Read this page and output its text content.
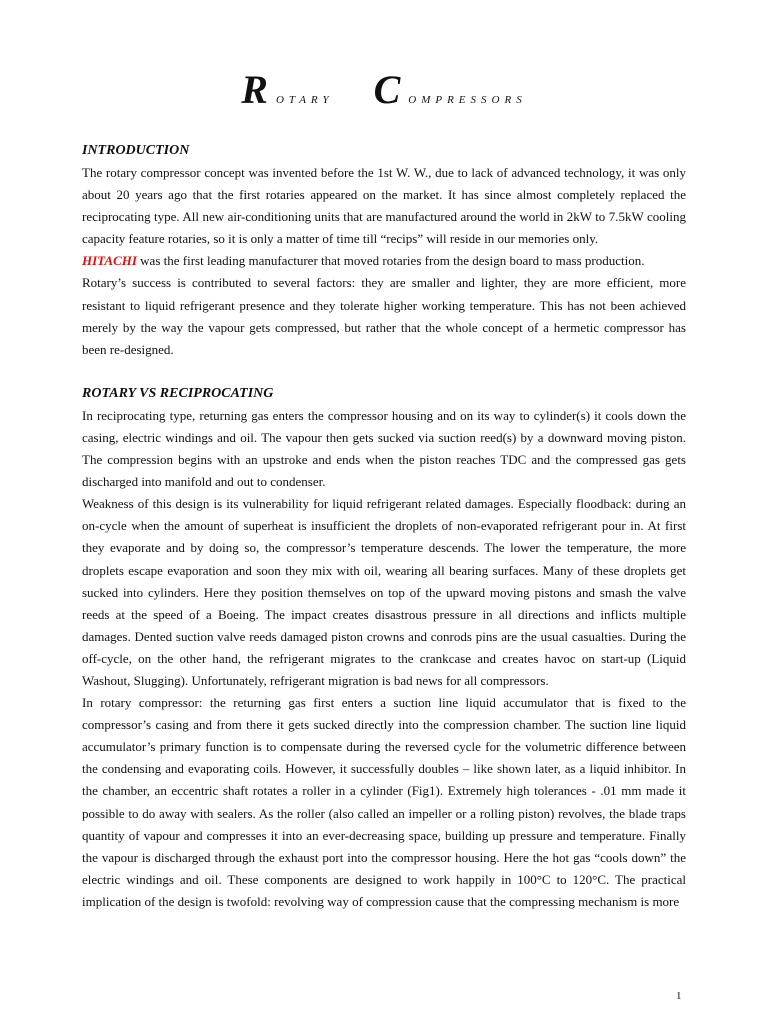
ROTARY C OMPRESSORS
INTRODUCTION

The rotary compressor concept was invented before the 1st W. W., due to lack of advanced technology, it was only about 20 years ago that the first rotaries appeared on the market. It has since almost completely replaced the reciprocating type. All new air-conditioning units that are manufactured around the world in 2kW to 7.5kW cooling capacity feature rotaries, so it is only a matter of time till “recips” will reside in our memories only.

HITACHI was the first leading manufacturer that moved rotaries from the design board to mass production.

Rotary’s success is contributed to several factors: they are smaller and lighter, they are more efficient, more resistant to liquid refrigerant presence and they tolerate higher working temperature. This has not been achieved merely by the way the vapour gets compressed, but rather that the whole concept of a hermetic compressor has been re-designed.

ROTARY VS RECIPROCATING

In reciprocating type, returning gas enters the compressor housing and on its way to cylinder(s) it cools down the casing, electric windings and oil. The vapour then gets sucked via suction reed(s) by a downward moving piston. The compression begins with an upstroke and ends when the piston reaches TDC and the compressed gas gets discharged into manifold and out to condenser.

Weakness of this design is its vulnerability for liquid refrigerant related damages. Especially floodback: during an on-cycle when the amount of superheat is insufficient the droplets of non-evaporated refrigerant pour in. At first they evaporate and by doing so, the compressor’s temperature descends. The lower the temperature, the more droplets escape evaporation and soon they mix with oil, wearing all bearing surfaces. Many of these droplets get sucked into cylinders. Here they position themselves on top of the upward moving pistons and smash the valve reeds at the speed of a Boeing. The impact creates disastrous pressure in all directions and inflicts multiple damages. Dented suction valve reeds damaged piston crowns and conrods pins are the usual casualties. During the off-cycle, on the other hand, the refrigerant migrates to the crankcase and creates havoc on start-up (Liquid Washout, Slugging). Unfortunately, refrigerant migration is bad news for all compressors.

In rotary compressor: the returning gas first enters a suction line liquid accumulator that is fixed to the compressor’s casing and from there it gets sucked directly into the compression chamber. The suction line liquid accumulator’s primary function is to compensate during the reversed cycle for the volumetric difference between the condensing and evaporating coils. However, it successfully doubles – like shown later, as a liquid inhibitor. In the chamber, an eccentric shaft rotates a roller in a cylinder (Fig1). Extremely high tolerances - .01 mm made it possible to do away with sealers. As the roller (also called an impeller or a rolling piston) revolves, the blade traps quantity of vapour and compresses it into an ever-decreasing space, building up pressure and temperature. Finally the vapour is discharged through the exhaust port into the compressor housing. Here the hot gas “cools down” the electric windings and oil. These components are designed to work happily in 100°C to 120°C. The practical implication of the design is twofold: revolving way of compression cause that the compressing mechanism is more

1
